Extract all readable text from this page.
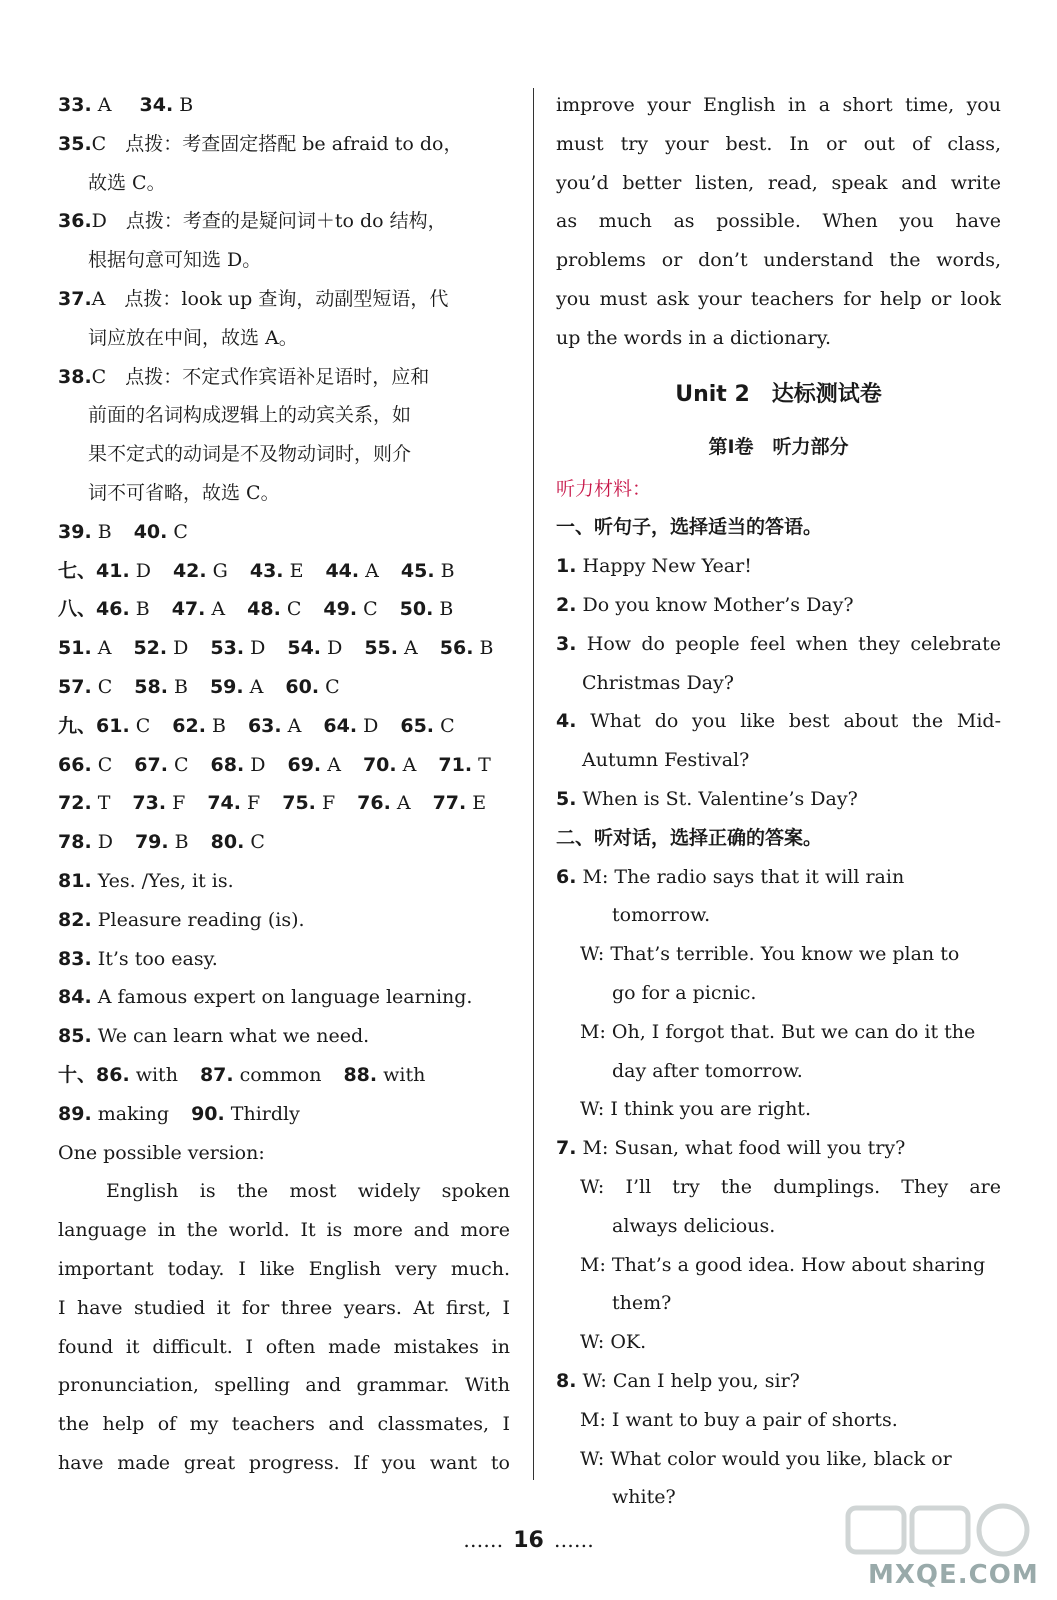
33. A 34. B
35.C　点拨：考查固定搭配 be afraid to do，
故选 C。
36.D　点拨：考查的是疑问词＋to do 结构，
根据句意可知选 D。
37.A　点拨：look up 查询，动副型短语，代
词应放在中间，故选 A。
38.C　点拨：不定式作宾语补足语时，应和
前面的名词构成逻辑上的动宾关系，如
果不定式的动词是不及物动词时，则介
词不可省略，故选 C。
39. B 40. C
七、41. D 42. G 43. E 44. A 45. B
八、46. B 47. A 48. C 49. C 50. B
51. A 52. D 53. D 54. D 55. A 56. B
57. C 58. B 59. A 60. C
九、61. C 62. B 63. A 64. D 65. C
66. C 67. C 68. D 69. A 70. A 71. T
72. T 73. F 74. F 75. F 76. A 77. E
78. D 79. B 80. C
81. Yes. /Yes, it is.
82. Pleasure reading (is).
83. It’s too easy.
84. A famous expert on language learning.
85. We can learn what we need.
十、86. with 87. common 88. with
89. making 90. Thirdly
One possible version:
English is the most widely spoken
language in the world. It is more and more
important today. I like English very much.
I have studied it for three years. At first, I
found it difficult. I often made mistakes in
pronunciation, spelling and grammar. With
the help of my teachers and classmates, I
have made great progress. If you want to
improve your English in a short time, you
must try your best. In or out of class,
you’d better listen, read, speak and write
as much as possible. When you have
problems or don’t understand the words,
you must ask your teachers for help or look
up the words in a dictionary.
Unit 2　达标测试卷
第Ⅰ卷　听力部分
听力材料：
一、听句子，选择适当的答语。
1. Happy New Year!
2. Do you know Mother’s Day?
3. How do people feel when they celebrate
Christmas Day?
4. What do you like best about the Mid-
Autumn Festival?
5. When is St. Valentine’s Day?
二、听对话，选择正确的答案。
6. M: The radio says that it will rain
tomorrow.
W: That’s terrible. You know we plan to
go for a picnic.
M: Oh, I forgot that. But we can do it the
day after tomorrow.
W: I think you are right.
7. M: Susan, what food will you try?
W: I’ll try the dumplings. They are
always delicious.
M: That’s a good idea. How about sharing
them?
W: OK.
8. W: Can I help you, sir?
M: I want to buy a pair of shorts.
W: What color would you like, black or
white?
…… 16 ……
MXQE.COM
